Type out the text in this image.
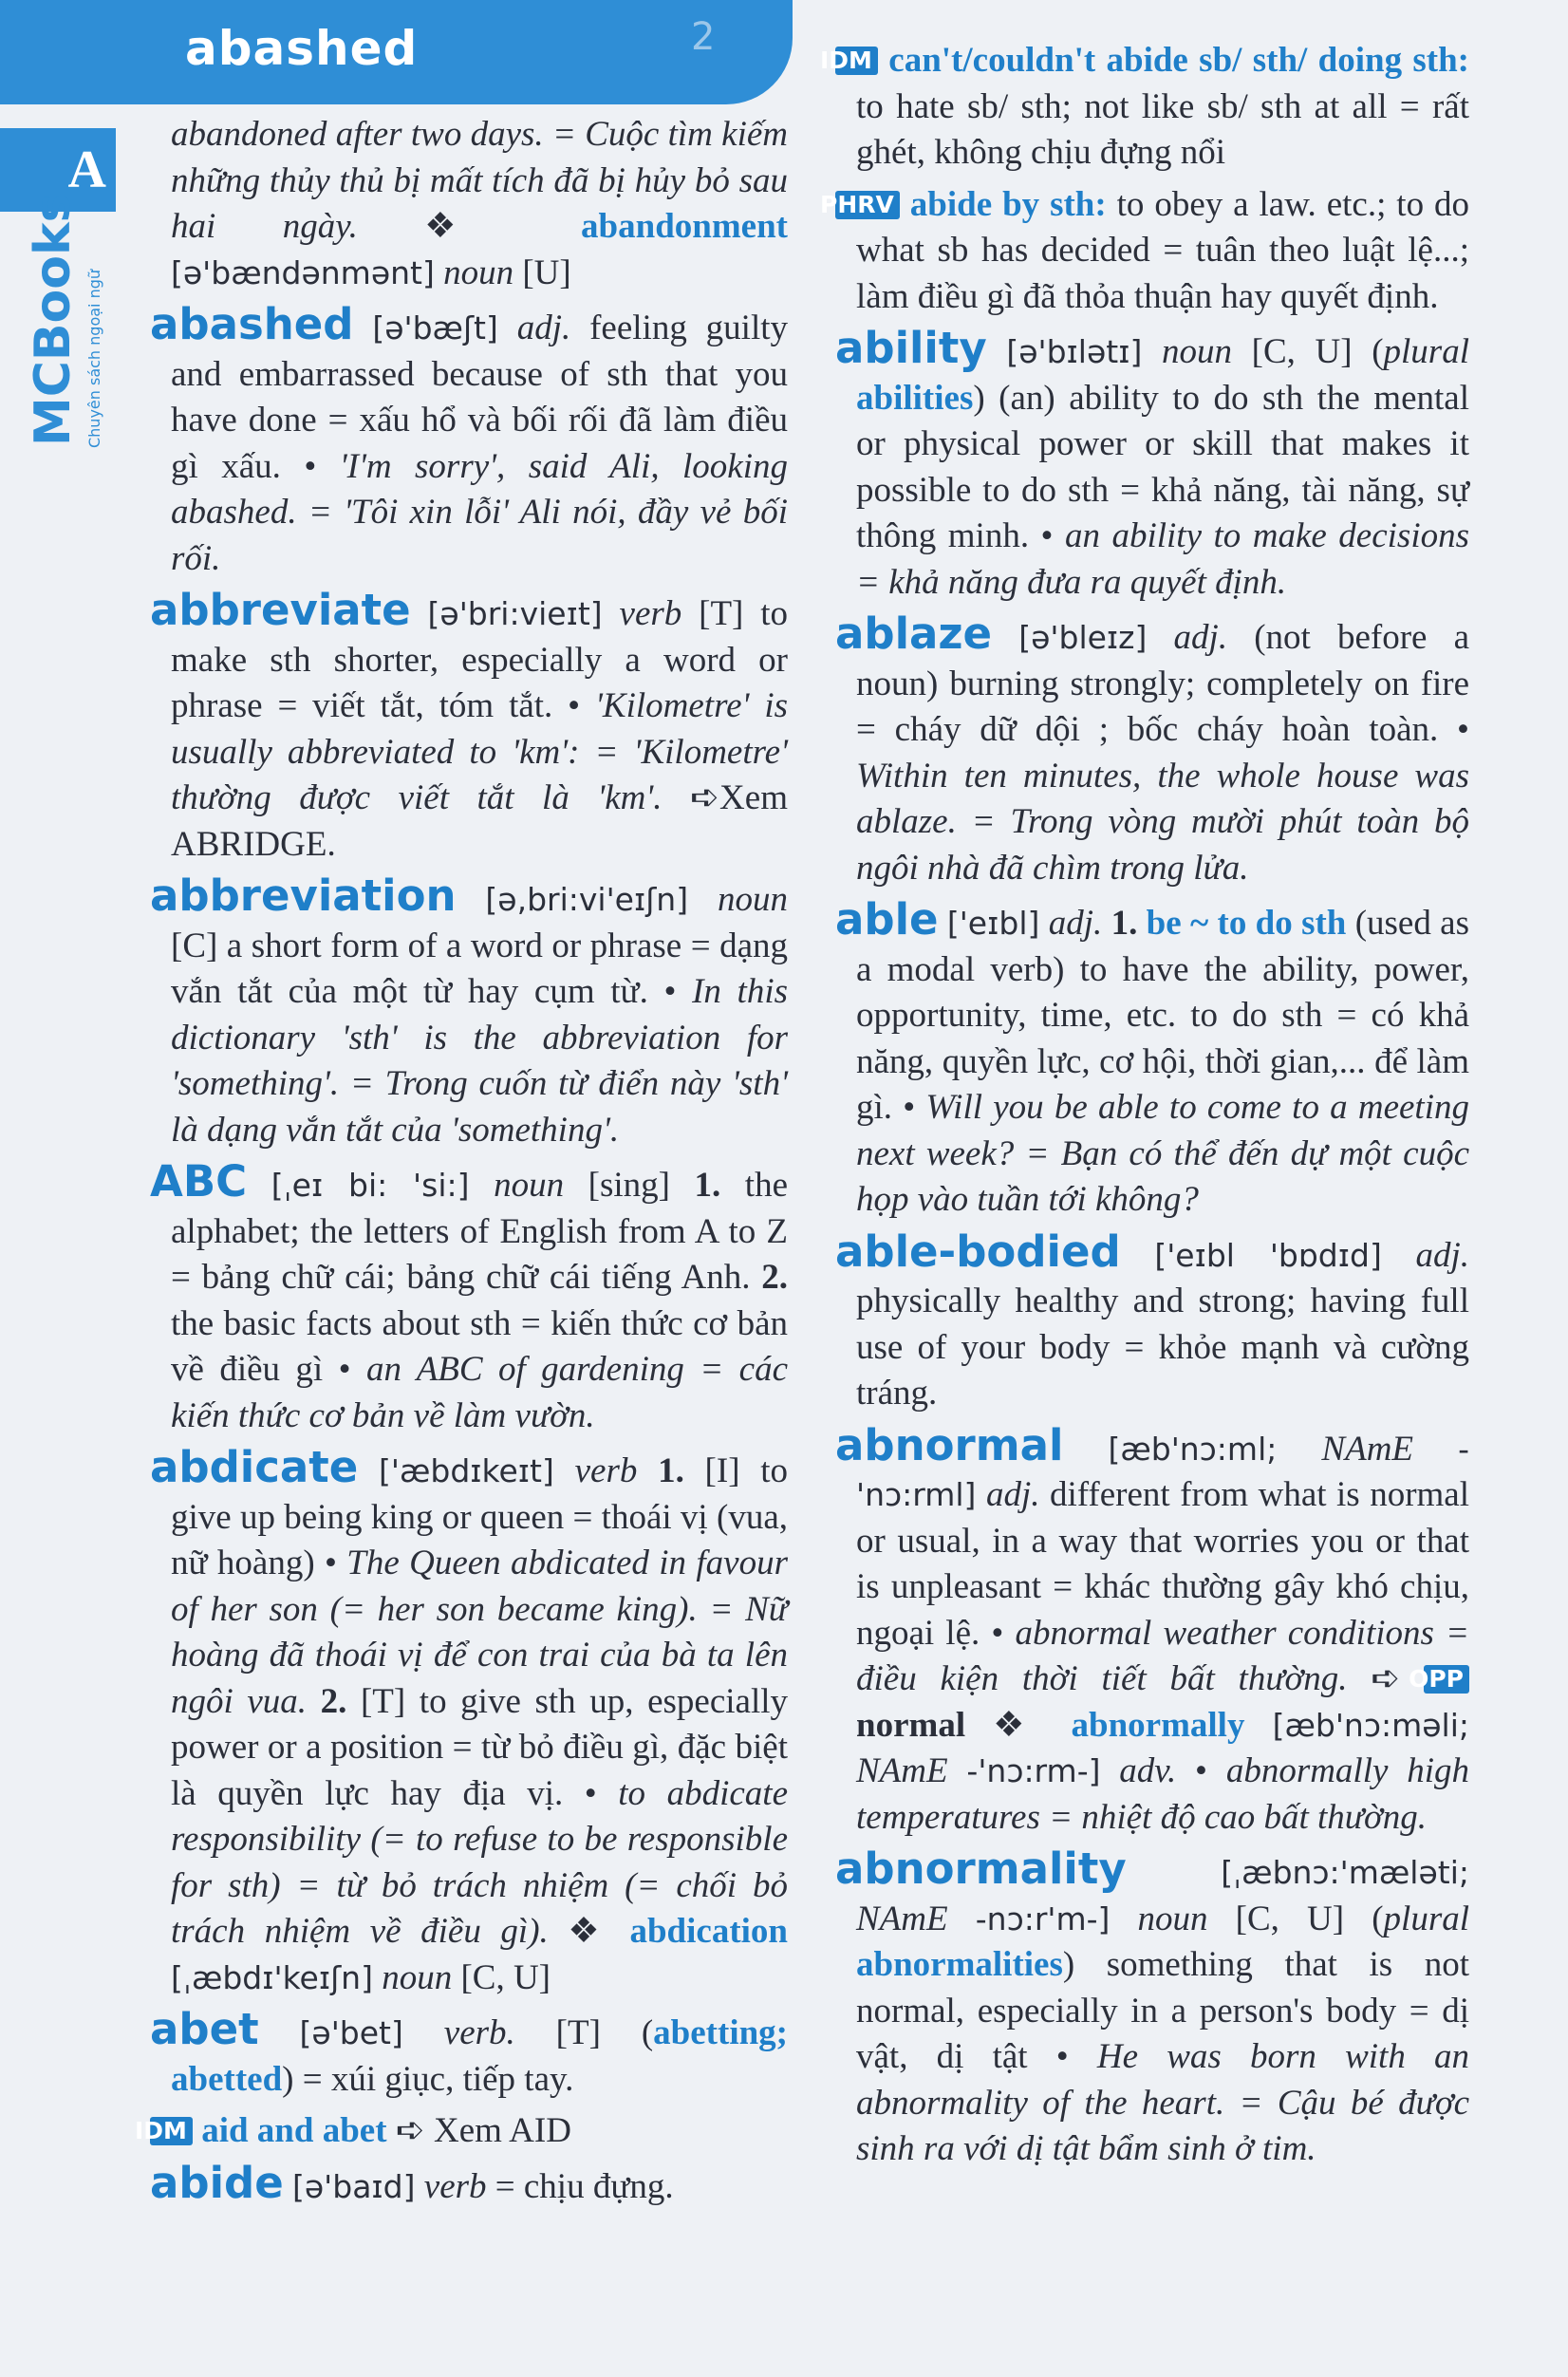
abashed	2
A
MCBooks Chuyên sách ngoại ngữ

abandoned after two days. = Cuộc tìm kiếm những thủy thủ bị mất tích đã bị hủy bỏ sau hai ngày. ❖ abandonment [ə'bændənmənt] noun [U]

abashed [ə'bæʃt] adj. feeling guilty and embarrassed because of sth that you have done = xấu hổ và bối rối đã làm điều gì xấu. • 'I'm sorry', said Ali, looking abashed. = 'Tôi xin lỗi' Ali nói, đầy vẻ bối rối.

abbreviate [ə'bri:vieɪt] verb [T] to make sth shorter, especially a word or phrase = viết tắt, tóm tắt. • 'Kilometre' is usually abbreviated to 'km': = 'Kilometre' thường được viết tắt là 'km'. ➪Xem ABRIDGE.

abbreviation [ə,bri:vi'eɪʃn] noun [C] a short form of a word or phrase = dạng vắn tắt của một từ hay cụm từ. • In this dictionary 'sth' is the abbreviation for 'something'. = Trong cuốn từ điển này 'sth' là dạng vắn tắt của 'something'.

ABC [ˌeɪ bi: 'si:] noun [sing] 1. the alphabet; the letters of English from A to Z = bảng chữ cái; bảng chữ cái tiếng Anh. 2. the basic facts about sth = kiến thức cơ bản về điều gì • an ABC of gardening = các kiến thức cơ bản về làm vườn.

abdicate ['æbdɪkeɪt] verb 1. [I] to give up being king or queen = thoái vị (vua, nữ hoàng) • The Queen abdicated in favour of her son (= her son became king). = Nữ hoàng đã thoái vị để con trai của bà ta lên ngôi vua. 2. [T] to give sth up, especially power or a position = từ bỏ điều gì, đặc biệt là quyền lực hay địa vị. • to abdicate responsibility (= to refuse to be responsible for sth) = từ bỏ trách nhiệm (= chối bỏ trách nhiệm về điều gì). ❖ abdication [ˌæbdɪ'keɪʃn] noun [C, U]

abet [ə'bet] verb. [T] (abetting; abetted) = xúi giục, tiếp tay.

IDM aid and abet ➪ Xem AID

abide [ə'baɪd] verb = chịu đựng.

IDM can't/couldn't abide sb/ sth/ doing sth: to hate sb/ sth; not like sb/ sth at all = rất ghét, không chịu đựng nổi

PHRV abide by sth: to obey a law. etc.; to do what sb has decided = tuân theo luật lệ...; làm điều gì đã thỏa thuận hay quyết định.

ability [ə'bɪlətɪ] noun [C, U] (plural abilities) (an) ability to do sth the mental or physical power or skill that makes it possible to do sth = khả năng, tài năng, sự thông minh. • an ability to make decisions = khả năng đưa ra quyết định.

ablaze [ə'bleɪz] adj. (not before a noun) burning strongly; completely on fire = cháy dữ dội ; bốc cháy hoàn toàn. • Within ten minutes, the whole house was ablaze. = Trong vòng mười phút toàn bộ ngôi nhà đã chìm trong lửa.

able ['eɪbl] adj. 1. be ~ to do sth (used as a modal verb) to have the ability, power, opportunity, time, etc. to do sth = có khả năng, quyền lực, cơ hội, thời gian,... để làm gì. • Will you be able to come to a meeting next week? = Bạn có thể đến dự một cuộc họp vào tuần tới không?

able-bodied ['eɪbl 'bɒdɪd] adj. physically healthy and strong; having full use of your body = khỏe mạnh và cường tráng.

abnormal [æb'nɔ:ml; NAmE -'nɔ:rml] adj. different from what is normal or usual, in a way that worries you or that is unpleasant = khác thường gây khó chịu, ngoại lệ. • abnormal weather conditions = điều kiện thời tiết bất thường. ➪ OPP normal ❖ abnormally [æb'nɔ:məli; NAmE -'nɔ:rm-] adv. • abnormally high temperatures = nhiệt độ cao bất thường.

abnormality	[ˌæbnɔ:'mæləti; NAmE -nɔ:r'm-] noun [C, U] (plural abnormalities) something that is not normal, especially in a person's body = dị vật, dị tật • He was born with an abnormality of the heart. = Cậu bé được sinh ra với dị tật bẩm sinh ở tim.
